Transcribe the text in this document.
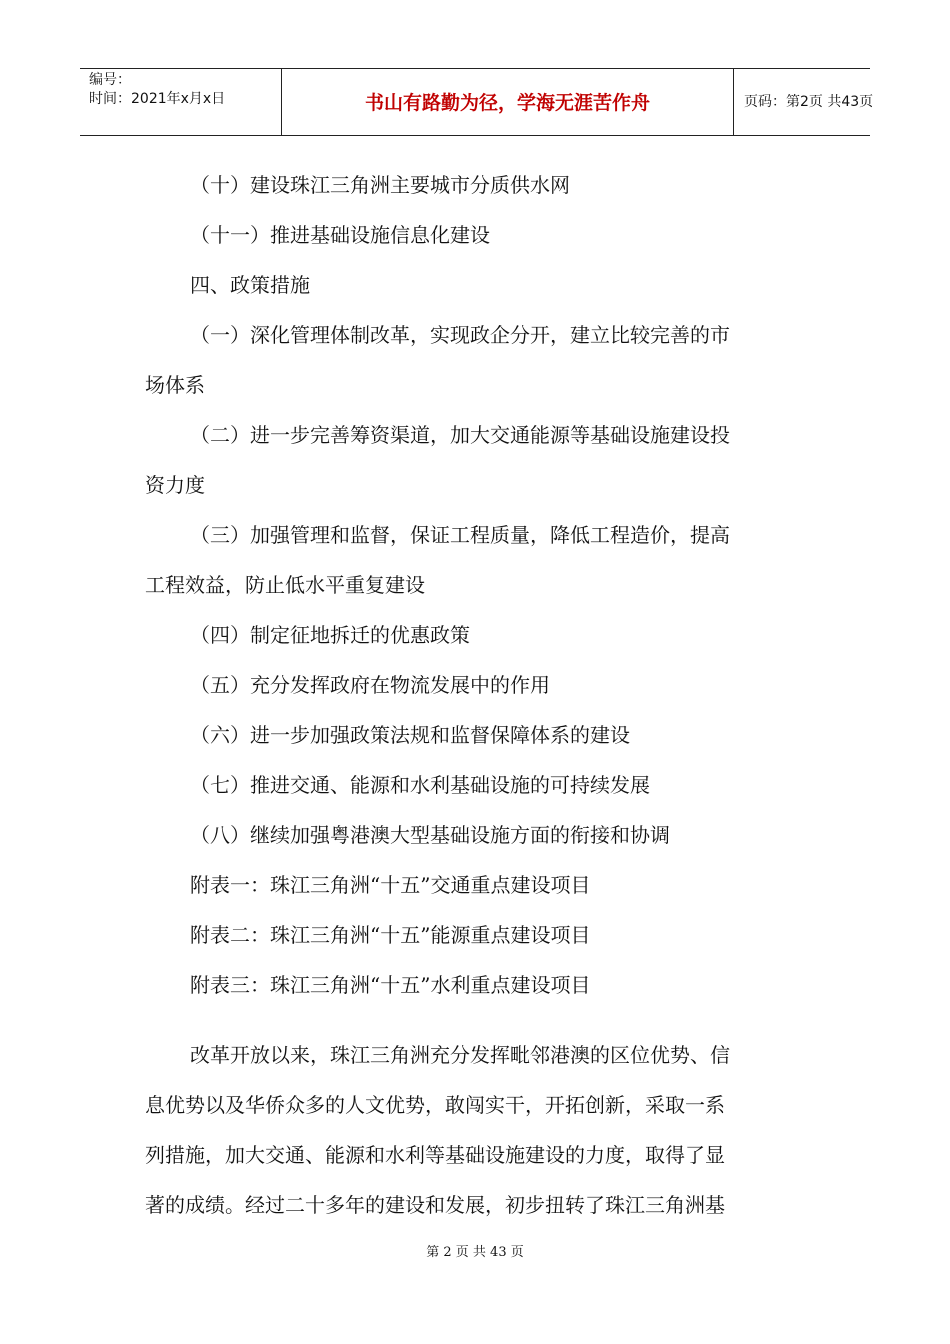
编号：
时间：2021年x月x日	书山有路勤为径，学海无涯苦作舟	页码：第2页 共43页
（十）建设珠江三角洲主要城市分质供水网
（十一）推进基础设施信息化建设
四、政策措施
（一）深化管理体制改革，实现政企分开，建立比较完善的市
场体系
（二）进一步完善筹资渠道，加大交通能源等基础设施建设投
资力度
（三）加强管理和监督，保证工程质量，降低工程造价，提高
工程效益，防止低水平重复建设
（四）制定征地拆迁的优惠政策
（五）充分发挥政府在物流发展中的作用
（六）进一步加强政策法规和监督保障体系的建设
（七）推进交通、能源和水利基础设施的可持续发展
（八）继续加强粤港澳大型基础设施方面的衔接和协调
附表一：珠江三角洲“十五”交通重点建设项目
附表二：珠江三角洲“十五”能源重点建设项目
附表三：珠江三角洲“十五”水利重点建设项目
改革开放以来，珠江三角洲充分发挥毗邻港澳的区位优势、信
息优势以及华侨众多的人文优势，敢闯实干，开拓创新，采取一系
列措施，加大交通、能源和水利等基础设施建设的力度，取得了显
著的成绩。经过二十多年的建设和发展，初步扭转了珠江三角洲基
第 2 页 共 43 页
